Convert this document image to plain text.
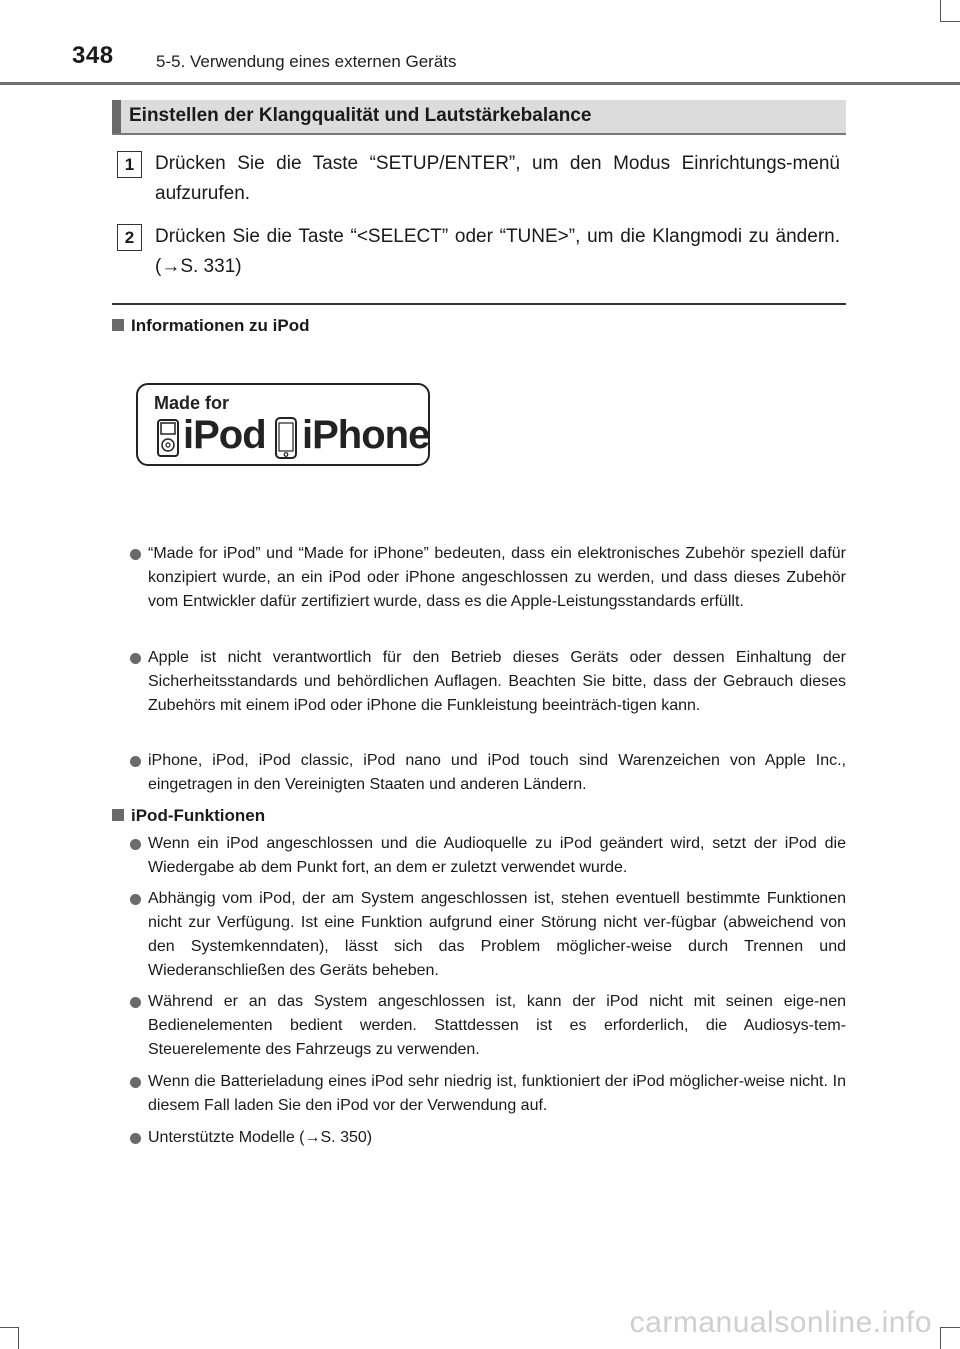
348 5-5. Verwendung eines externen Geräts
Einstellen der Klangqualität und Lautstärkebalance
1	Drücken Sie die Taste “SETUP/ENTER”, um den Modus Einrichtungs-menü aufzurufen.
2	Drücken Sie die Taste “<SELECT” oder “TUNE>”, um die Klangmodi zu ändern. (→S. 331)
Informationen zu iPod
Made for
iPod iPhone
“Made for iPod” und “Made for iPhone” bedeuten, dass ein elektronisches Zubehör speziell dafür konzipiert wurde, an ein iPod oder iPhone angeschlossen zu werden, und dass dieses Zubehör vom Entwickler dafür zertifiziert wurde, dass es die Apple-Leistungsstandards erfüllt.
Apple ist nicht verantwortlich für den Betrieb dieses Geräts oder dessen Einhaltung der Sicherheitsstandards und behördlichen Auflagen. Beachten Sie bitte, dass der Gebrauch dieses Zubehörs mit einem iPod oder iPhone die Funkleistung beeinträch-tigen kann.
iPhone, iPod, iPod classic, iPod nano und iPod touch sind Warenzeichen von Apple Inc., eingetragen in den Vereinigten Staaten und anderen Ländern.
iPod-Funktionen
Wenn ein iPod angeschlossen und die Audioquelle zu iPod geändert wird, setzt der iPod die Wiedergabe ab dem Punkt fort, an dem er zuletzt verwendet wurde.
Abhängig vom iPod, der am System angeschlossen ist, stehen eventuell bestimmte Funktionen nicht zur Verfügung. Ist eine Funktion aufgrund einer Störung nicht ver-fügbar (abweichend von den Systemkenndaten), lässt sich das Problem möglicher-weise durch Trennen und Wiederanschließen des Geräts beheben.
Während er an das System angeschlossen ist, kann der iPod nicht mit seinen eige-nen Bedienelementen bedient werden. Stattdessen ist es erforderlich, die Audiosys-tem-Steuerelemente des Fahrzeugs zu verwenden.
Wenn die Batterieladung eines iPod sehr niedrig ist, funktioniert der iPod möglicher-weise nicht. In diesem Fall laden Sie den iPod vor der Verwendung auf.
Unterstützte Modelle (→S. 350)
carmanualsonline.info
